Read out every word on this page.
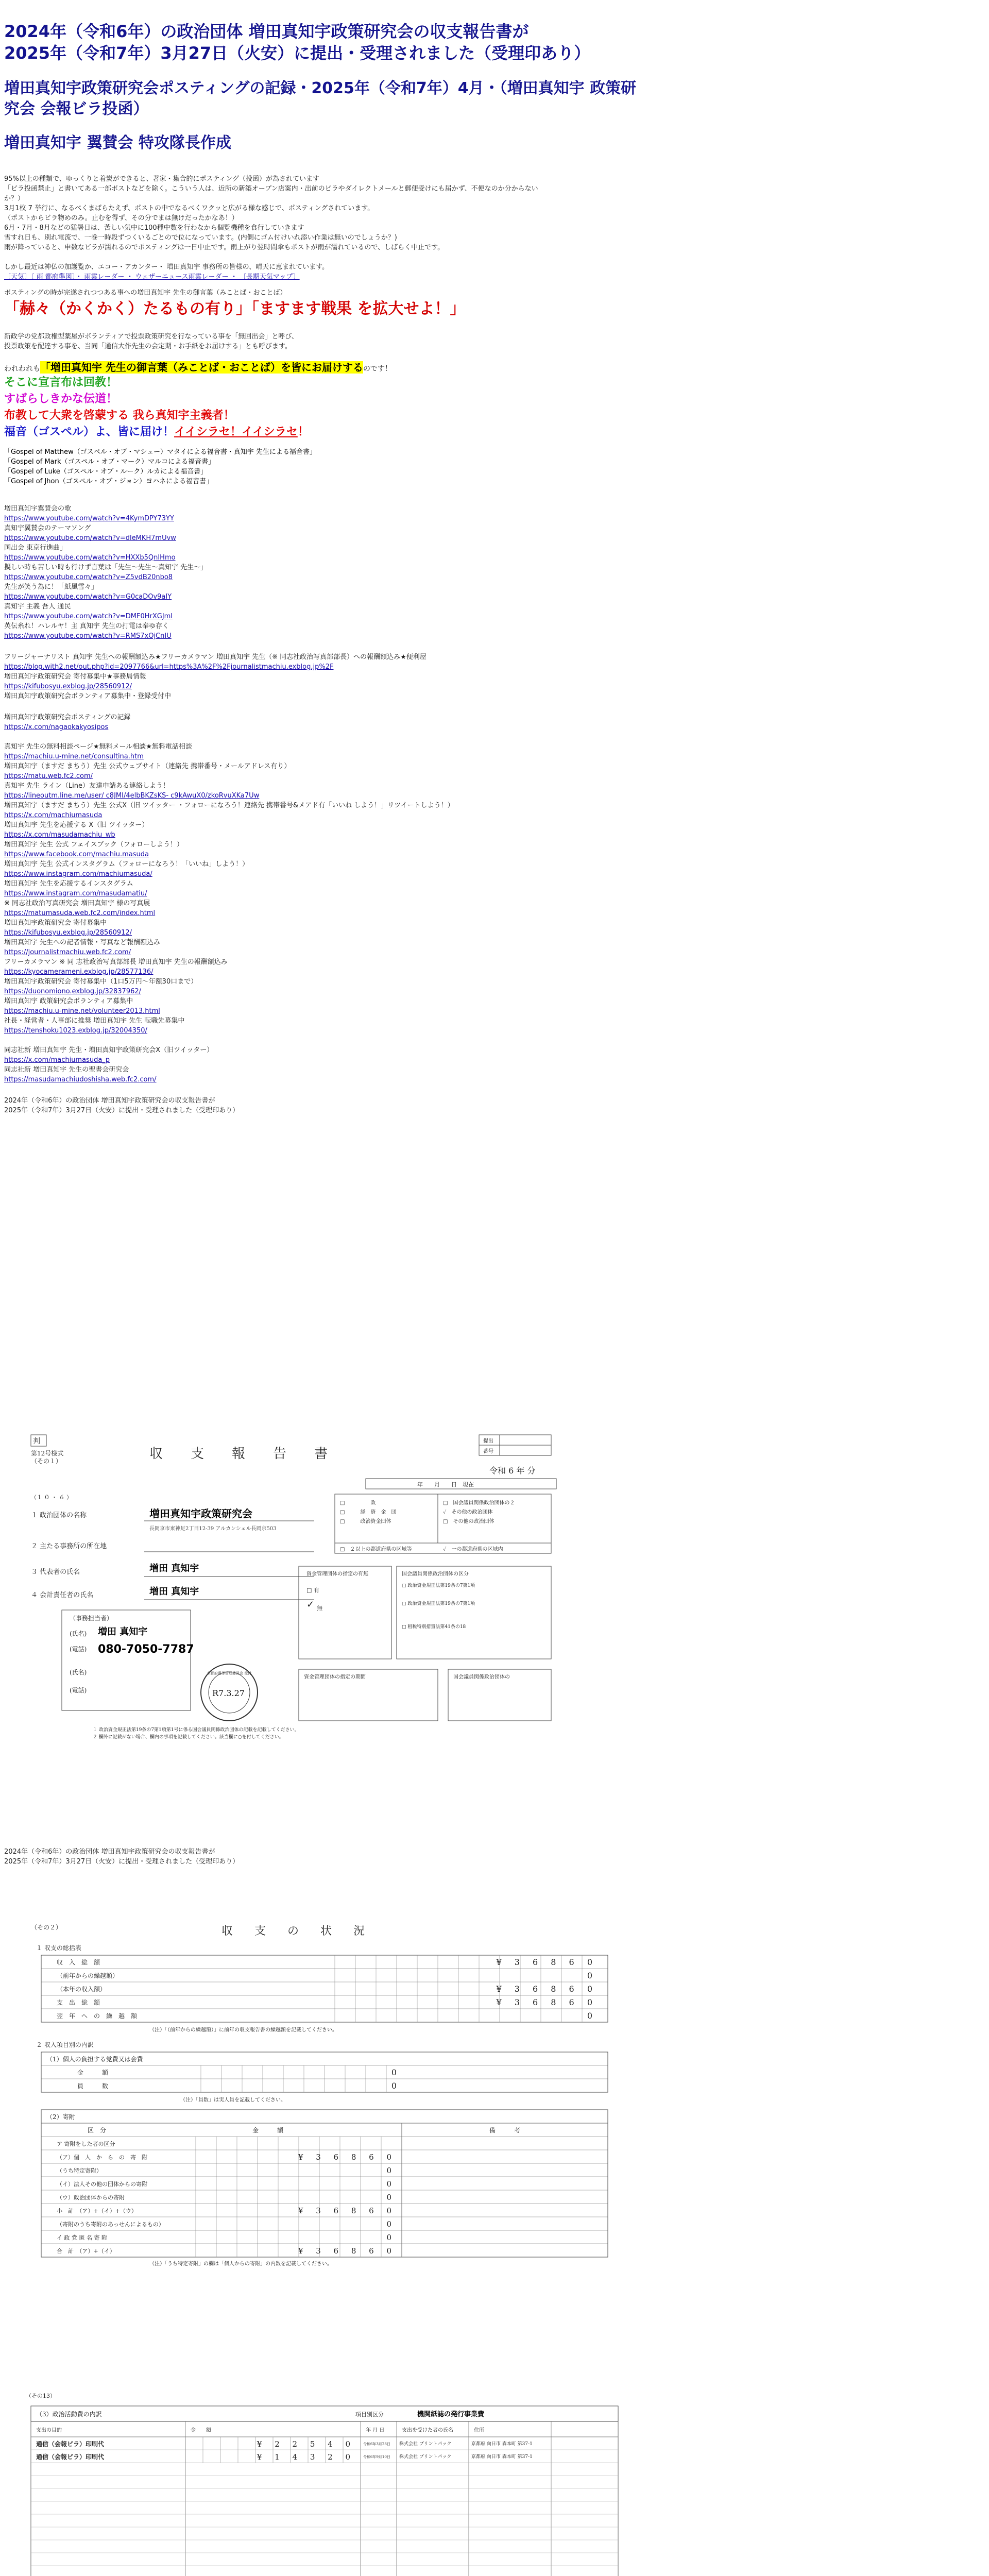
2024年（令和6年）の政治団体 増田真知宇政策研究会の収支報告書が
2025年（令和7年）3月27日（火安）に提出・受理されました（受理印あり）
増田真知宇政策研究会ポスティングの記録・2025年（令和7年）4月・（増田真知宇 政策研究会 会報ビラ投函）
増田真知宇 翼賛会 特攻隊長作成

95%以上の種類で、ゆっくりと着炭ができると、著家・集合的にポスティング（投函）が為されています

「ビラ投函禁止」と書いてある一部ポストなどを除く。こういう人は、近所の新築オープン店案内・出前のピラやダイレクトメールと郵便受けにも届かず、不便なのか分からない

か？）

3月1枚 7 挙行に、なるべくまばらたえず、ポストの中でなるべくワクッと広がる様な感じで、ポスティングされています。

（ポストからビラ物めのみ。止むを得ず、その分でまは無けだったかなあ！）

6月・7月・8月などの猛暑日は、苦しい気中に100種中数を行わなから個覧機種を食行していきます

雪すれ日も、別れ電流で、一巻一時段ずつくいるごとので位になっています。(内側にゴム付けいれ添い作業は無いのでしょうか？)

雨が降っていると、申数なビラが濡れるのでポスティングは一日中止です。雨上がり翌時間傘もポストが雨が濡れているので、しばらく中止です。

しかし最近は神仏の加護覧か、エコー・アカンター・ 増田真知宇 事務所の皆様の、晴天に恵まれています。

〔天気〕〔 雨 都府準図〕・ 雨雲レーダー ・ ウェザーニュース雨雲レーダー ・ 〔長期天気マップ〕

ポスティングの時が完遂されつつある事への増田真知宇 先生の御言葉（みことば・おことば）

「赫々（かくかく）たるもの有り」「ますます戦果 を拡大せよ！」

新政学の党都政権型薬屋がボランティアで投票政策研究を行なっている事を「無回出会」と呼び、

投票政策を配達する事を、当同「通信大作先生の会定期・お手紙をお届けする」とも呼びます。

われわれも「増田真知宇 先生の御言葉（みことば・おことば）を皆にお届けするのです！

そこに宣言布は回教！

すばらしきかな伝道！

布教して大衆を啓蒙する 我ら真知宇主義者！

福音（ゴスペル）よ、皆に届け！イイシラセ！イイシラセ！

「Gospel of Matthew（ゴスペル・オブ・マシュー）マタイによる福音書・真知宇 先生による福音書」

「Gospel of Mark（ゴスペル・オブ・マーク）マルコによる福音書」

「Gospel of Luke（ゴスペル・オブ・ルーク）ルカによる福音書」

「Gospel of Jhon（ゴスペル・オブ・ジョン）ヨハネによる福音書」

増田真知宇翼賛会の歌

https://www.youtube.com/watch?v=4KymDPY73YY

真知宇翼賛会のテーマソング

https://www.youtube.com/watch?v=dleMKH7mUvw

国出会 東京行進曲」

https://www.youtube.com/watch?v=HXXb5QnIHmo

擬しい時も苦しい時も行けず言葉は「先生〜先生〜真知宇 先生〜」

https://www.youtube.com/watch?v=Z5vdB20nbo8

先生が笑う為に！「紙風雪々」

https://www.youtube.com/watch?v=G0caDOv9aIY

真知宇 主義 吾人 通民

https://www.youtube.com/watch?v=DMF0HrXGJmI

英伝糸れ！ハレルヤ！主 真知宇 先生の打電は奉ゆ存く

https://www.youtube.com/watch?v=RMS7xOjCnIU

フリージャーナリスト 真知宇 先生への報酬額込み★フリーカメラマン 増田真知宇 先生（※ 同志社政治写真部部長）への報酬額込み★便利屋

https://blog.with2.net/out.php?id=2097766&url=https%3A%2F%2Fjournalistmachiu.exblog.jp%2F

増田真知宇政策研究会 寄付募集中★事務局情報

https://kifubosyu.exblog.jp/28560912/

増田真知宇政策研究会ボランティア募集中・登録受付中

増田真知宇政策研究会ポスティングの記録

https://x.com/nagaokakyosipos

真知宇 先生の無料相談ページ★無料メール相談★無料電話相談

https://machiu.u-mine.net/consultina.htm

増田真知宇（ますだ まちう）先生 公式ウェブサイト（連絡先 携帯番号・メールアドレス有り）

https://matu.web.fc2.com/

真知宇 先生 ライン（Line）友達申請ある連絡しよう！

https://lineoutm.line.me/user/ c8JMI/4elbBKZsKS- c9kAwuX0/zkoRvuXKa7Uw

増田真知宇（ますだ まちう）先生 公式X（旧 ツイッター ・フォローになろう！連絡先 携帯番号&メアド有「いいね しよう！」リツイートしよう！）

https://x.com/machiumasuda

増田真知宇 先生を応援する X（旧 ツイッター）

https://x.com/masudamachiu_wb

増田真知宇 先生 公式 フェイスブック（フォローしよう！）

https://www.facebook.com/machiu.masuda

増田真知宇 先生 公式インスタグラム（フォローになろう！「いいね」しよう！）

https://www.instagram.com/machiumasuda/

増田真知宇 先生を応援するインスタグラム

https://www.instagram.com/masudamatiu/

※ 同志社政治写真研究会 増田真知宇 様の写真展

https://matumasuda.web.fc2.com/index.html

増田真知宇政策研究会 寄付募集中

https://kifubosyu.exblog.jp/28560912/

増田真知宇 先生への記者情報・写真など報酬額込み

https://journalistmachiu.web.fc2.com/

フリーカメラマン ※ 同 志社政治写真部部長 増田真知宇 先生の報酬額込み

https://kyocamerameni.exblog.jp/28577136/

増田真知宇政策研究会 寄付募集中（1口5万円〜年額30口まで）

https://duonomiono.exblog.jp/32837962/

増田真知宇 政策研究会ボランティア募集中

https://machiu.u-mine.net/volunteer2013.html

社長・経営者・人事部に推奨 増田真知宇 先生 転職先募集中

https://tenshoku1023.exblog.jp/32004350/

同志社新 増田真知宇 先生・増田真知宇政策研究会X（旧ツイッター）

https://x.com/machiumasuda_p

同志社新 増田真知宇 先生の聖書会研究会

https://masudamachiudoshisha.web.fc2.com/

2024年（令和6年）の政治団体 増田真知宇政策研究会の収支報告書が

2025年（令和7年）3月27日（火安）に提出・受理されました（受理印あり）

判
第12号様式
（その１）	収　支　報　告　書
提出
番号
令和 6 年 分
年　　月　　日　現在
（１ ０ ・ ６ ）
１ 政治団体の名称	増田真知宇政策研究会
長岡京市東神足2丁目12-39 アルカンシェル長岡京503
２ 主たる事務所の所在地
３ 代表者の氏名	増田 真知宇
４ 会計責任者の氏名	増田 真知宇
（事務担当者）
(氏名) 増田 真知宇
(電話) 080-7050-7787
(氏名)
(電話)	R7.3.27
京都府選挙管理委員会 受付
□　　　　　政
□　　　経　資　金　団
□　　　政治資金団体
□　国会議員関係政治団体の２
✓　その他の政治団体
□　その他の政治団体
□　２以上の都道府県の区域等	✓　一の都道府県の区域内
資金管理団体の指定の有無
□ 有
✓ 無
国会議員関係政治団体の区分
□ 政治資金規正法第19条の7第1項
□ 政治資金規正法第19条の7第1項
□ 租税特別措置法第41条の18
資金管理団体の指定の期間	国会議員関係政治団体の
１ 政治資金規正法第19条の7第1項第1号に係る国会議員関係政治団体の記載を記載してください。
２ 欄外に記載がない場合、欄内の事項を記載してください。該当欄に○を付してください。

2024年（令和6年）の政治団体 増田真知宇政策研究会の収支報告書が

2025年（令和7年）3月27日（火安）に提出・受理されました（受理印あり）

（その２）	収　支　の　状　況
１ 収支の総括表
収　入　総　額	¥ 3 6 8 6 0
（前年からの繰越額）	0
（本年の収入額）	¥ 3 6 8 6 0
支　出　総　額	¥ 3 6 8 6 0
翌　年　へ　の　繰　越　額	0
（注）「（前年からの繰越額）」に前年の収支報告書の繰越額を記載してください。
２ 収入項目別の内訳
（1）個人の負担する党費又は会費
金　　　額	0
員　　　数	0
（注）「員数」は実人員を記載してください。
（2）寄附
区　分	金　　　額	備　　　考
ア 寄附をした者の区分
（ア）個　人　か　ら　の　寄　附	¥ 3 6 8 6 0
（うち特定寄附）	0
（イ）法人その他の団体からの寄附	0
（ウ）政治団体からの寄附	0
小　計　（ア）+（イ）+（ウ）	¥ 3 6 8 6 0
（寄附のうち寄附のあっせんによるもの）	0
イ 政 党 匿 名 寄 附	0
合　計　（ア）+（イ）	¥ 3 6 8 6 0
（注）「うち特定寄附」の欄は「個人からの寄附」の内数を記載してください。
（その13）
（3）政治活動費の内訳	項目別区分	機関紙誌の発行事業費
支出の目的	金　　額	年 月 日	支出を受けた者の氏名	住所
通信（会報ビラ）印刷代	¥ 2 2 5 4 0 令和6年3月23日 株式会社 プリントパック	京都府 向日市 森本町 第37-1
通信（会報ビラ）印刷代	¥ 1 4 3 2 0 令和6年9月10日 株式会社 プリントパック	京都府 向日市 森本町 第37-1
